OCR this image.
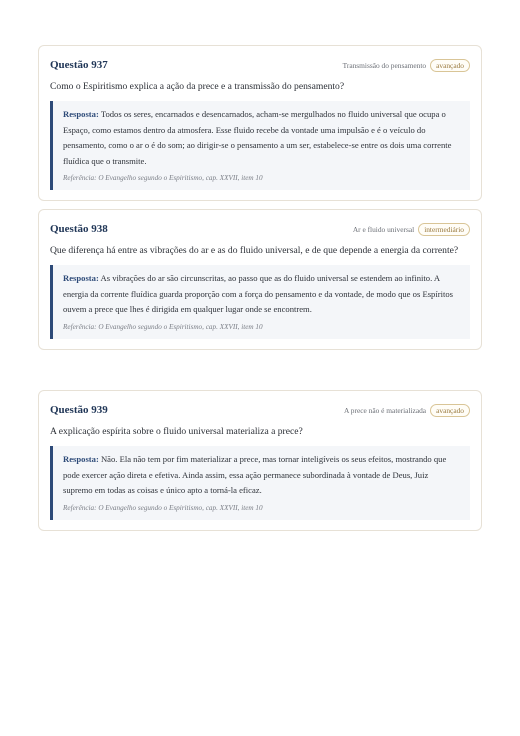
Questão 937	Transmissão do pensamento	avançado
Como o Espiritismo explica a ação da prece e a transmissão do pensamento?
Resposta: Todos os seres, encarnados e desencarnados, acham-se mergulhados no fluido universal que ocupa o Espaço, como estamos dentro da atmosfera. Esse fluido recebe da vontade uma impulsão e é o veículo do pensamento, como o ar o é do som; ao dirigir-se o pensamento a um ser, estabelece-se entre os dois uma corrente fluídica que o transmite.
Referência: O Evangelho segundo o Espiritismo, cap. XXVII, item 10
Questão 938	Ar e fluido universal	intermediário
Que diferença há entre as vibrações do ar e as do fluido universal, e de que depende a energia da corrente?
Resposta: As vibrações do ar são circunscritas, ao passo que as do fluido universal se estendem ao infinito. A energia da corrente fluídica guarda proporção com a força do pensamento e da vontade, de modo que os Espíritos ouvem a prece que lhes é dirigida em qualquer lugar onde se encontrem.
Referência: O Evangelho segundo o Espiritismo, cap. XXVII, item 10
Questão 939	A prece não é materializada	avançado
A explicação espírita sobre o fluido universal materializa a prece?
Resposta: Não. Ela não tem por fim materializar a prece, mas tornar inteligíveis os seus efeitos, mostrando que pode exercer ação direta e efetiva. Ainda assim, essa ação permanece subordinada à vontade de Deus, Juiz supremo em todas as coisas e único apto a torná-la eficaz.
Referência: O Evangelho segundo o Espiritismo, cap. XXVII, item 10
